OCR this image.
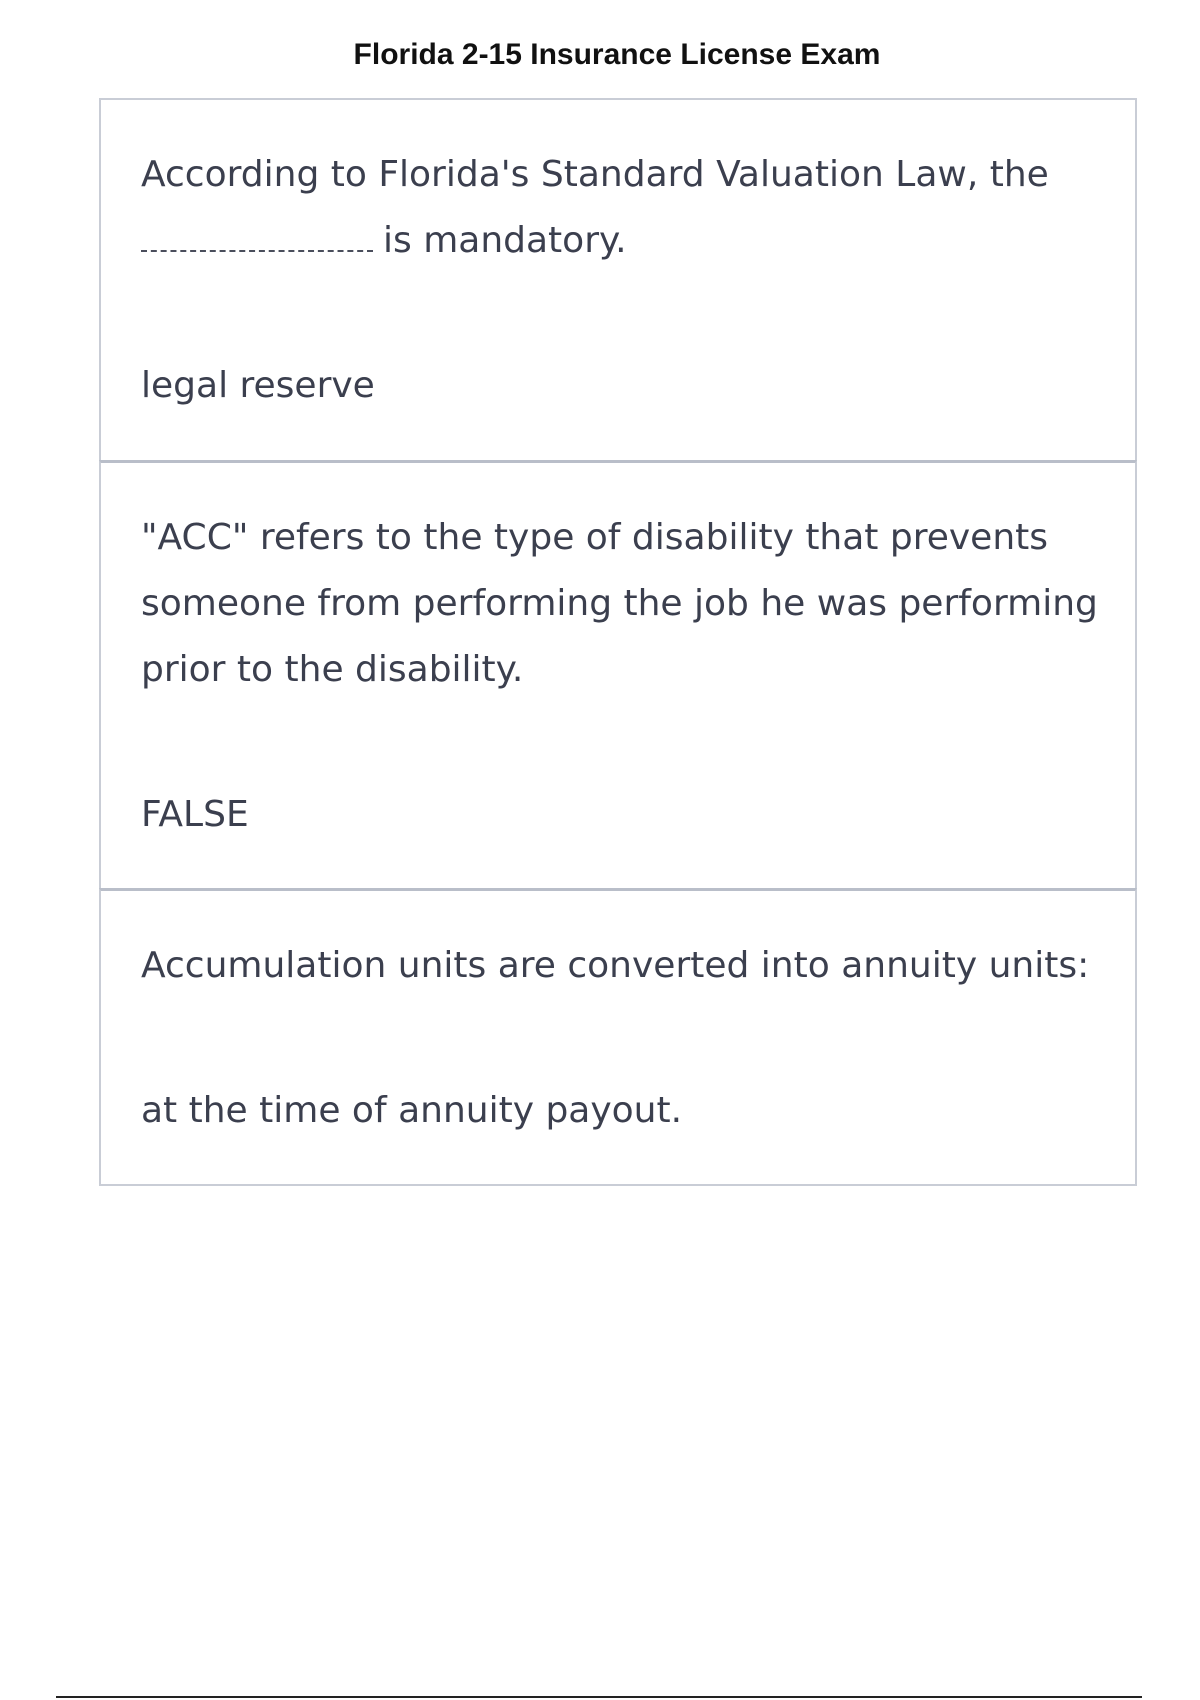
Florida 2-15 Insurance License Exam

According to Florida's Standard Valuation Law, the
is mandatory.

legal reserve

"ACC" refers to the type of disability that prevents someone from performing the job he was performing prior to the disability.

FALSE

Accumulation units are converted into annuity units:

at the time of annuity payout.
